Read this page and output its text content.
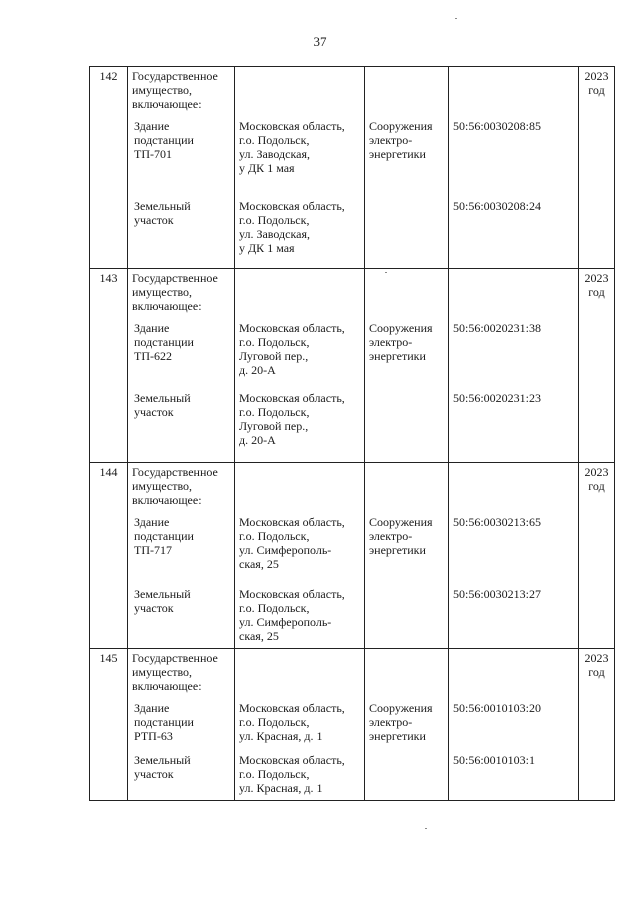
37
142	Государственное
имущество,
включающее:				2023
год

	Здание
подстанции
ТП-701	Московская область,
г.о. Подольск,
ул. Заводская,
у ДК 1 мая	Сооружения
электро-
энергетики	50:56:0030208:85	

	Земельный
участок	Московская область,
г.о. Подольск,
ул. Заводская,
у ДК 1 мая		50:56:0030208:24	
143	Государственное
имущество,
включающее:				2023
год

	Здание
подстанции
ТП-622	Московская область,
г.о. Подольск,
Луговой пер.,
д. 20-А	Сооружения
электро-
энергетики	50:56:0020231:38	

	Земельный
участок	Московская область,
г.о. Подольск,
Луговой пер.,
д. 20-А		50:56:0020231:23	
144	Государственное
имущество,
включающее:				2023
год

	Здание
подстанции
ТП-717	Московская область,
г.о. Подольск,
ул. Симферополь-
ская, 25	Сооружения
электро-
энергетики	50:56:0030213:65	

	Земельный
участок	Московская область,
г.о. Подольск,
ул. Симферополь-
ская, 25		50:56:0030213:27	
145	Государственное
имущество,
включающее:				2023
год

	Здание
подстанции
РТП-63	Московская область,
г.о. Подольск,
ул. Красная, д. 1	Сооружения
электро-
энергетики	50:56:0010103:20	

	Земельный
участок	Московская область,
г.о. Подольск,
ул. Красная, д. 1		50:56:0010103:1	
